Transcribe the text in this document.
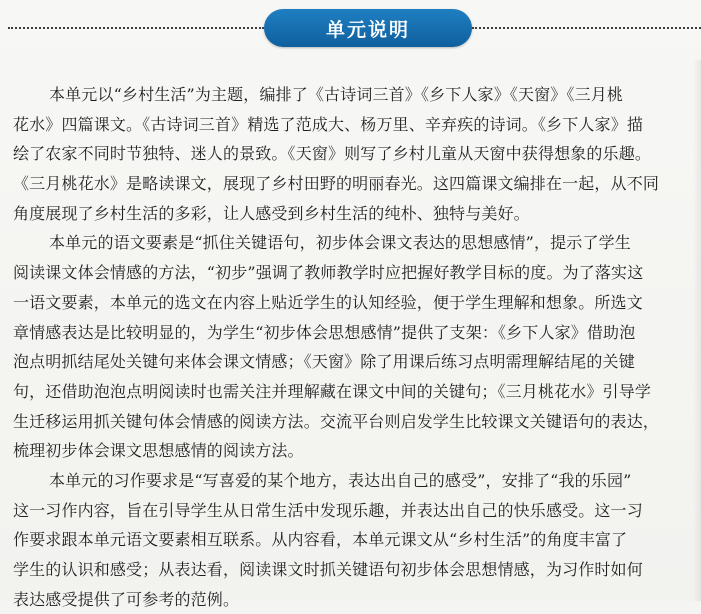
单元说明
本单元以“乡村生活”为主题，编排了《古诗词三首》《乡下人家》《天窗》《三月桃
花水》四篇课文。《古诗词三首》精选了范成大、杨万里、辛弃疾的诗词。《乡下人家》描
绘了农家不同时节独特、迷人的景致。《天窗》则写了乡村儿童从天窗中获得想象的乐趣。
《三月桃花水》是略读课文，展现了乡村田野的明丽春光。这四篇课文编排在一起，从不同
角度展现了乡村生活的多彩，让人感受到乡村生活的纯朴、独特与美好。
本单元的语文要素是“抓住关键语句，初步体会课文表达的思想感情”，提示了学生
阅读课文体会情感的方法，“初步”强调了教师教学时应把握好教学目标的度。为了落实这
一语文要素，本单元的选文在内容上贴近学生的认知经验，便于学生理解和想象。所选文
章情感表达是比较明显的，为学生“初步体会思想感情”提供了支架：《乡下人家》借助泡
泡点明抓结尾处关键句来体会课文情感；《天窗》除了用课后练习点明需理解结尾的关键
句，还借助泡泡点明阅读时也需关注并理解藏在课文中间的关键句；《三月桃花水》引导学
生迁移运用抓关键句体会情感的阅读方法。交流平台则启发学生比较课文关键语句的表达，
梳理初步体会课文思想感情的阅读方法。
本单元的习作要求是“写喜爱的某个地方，表达出自己的感受”，安排了“我的乐园”
这一习作内容，旨在引导学生从日常生活中发现乐趣，并表达出自己的快乐感受。这一习
作要求跟本单元语文要素相互联系。从内容看，本单元课文从“乡村生活”的角度丰富了
学生的认识和感受；从表达看，阅读课文时抓关键语句初步体会思想情感，为习作时如何
表达感受提供了可参考的范例。
